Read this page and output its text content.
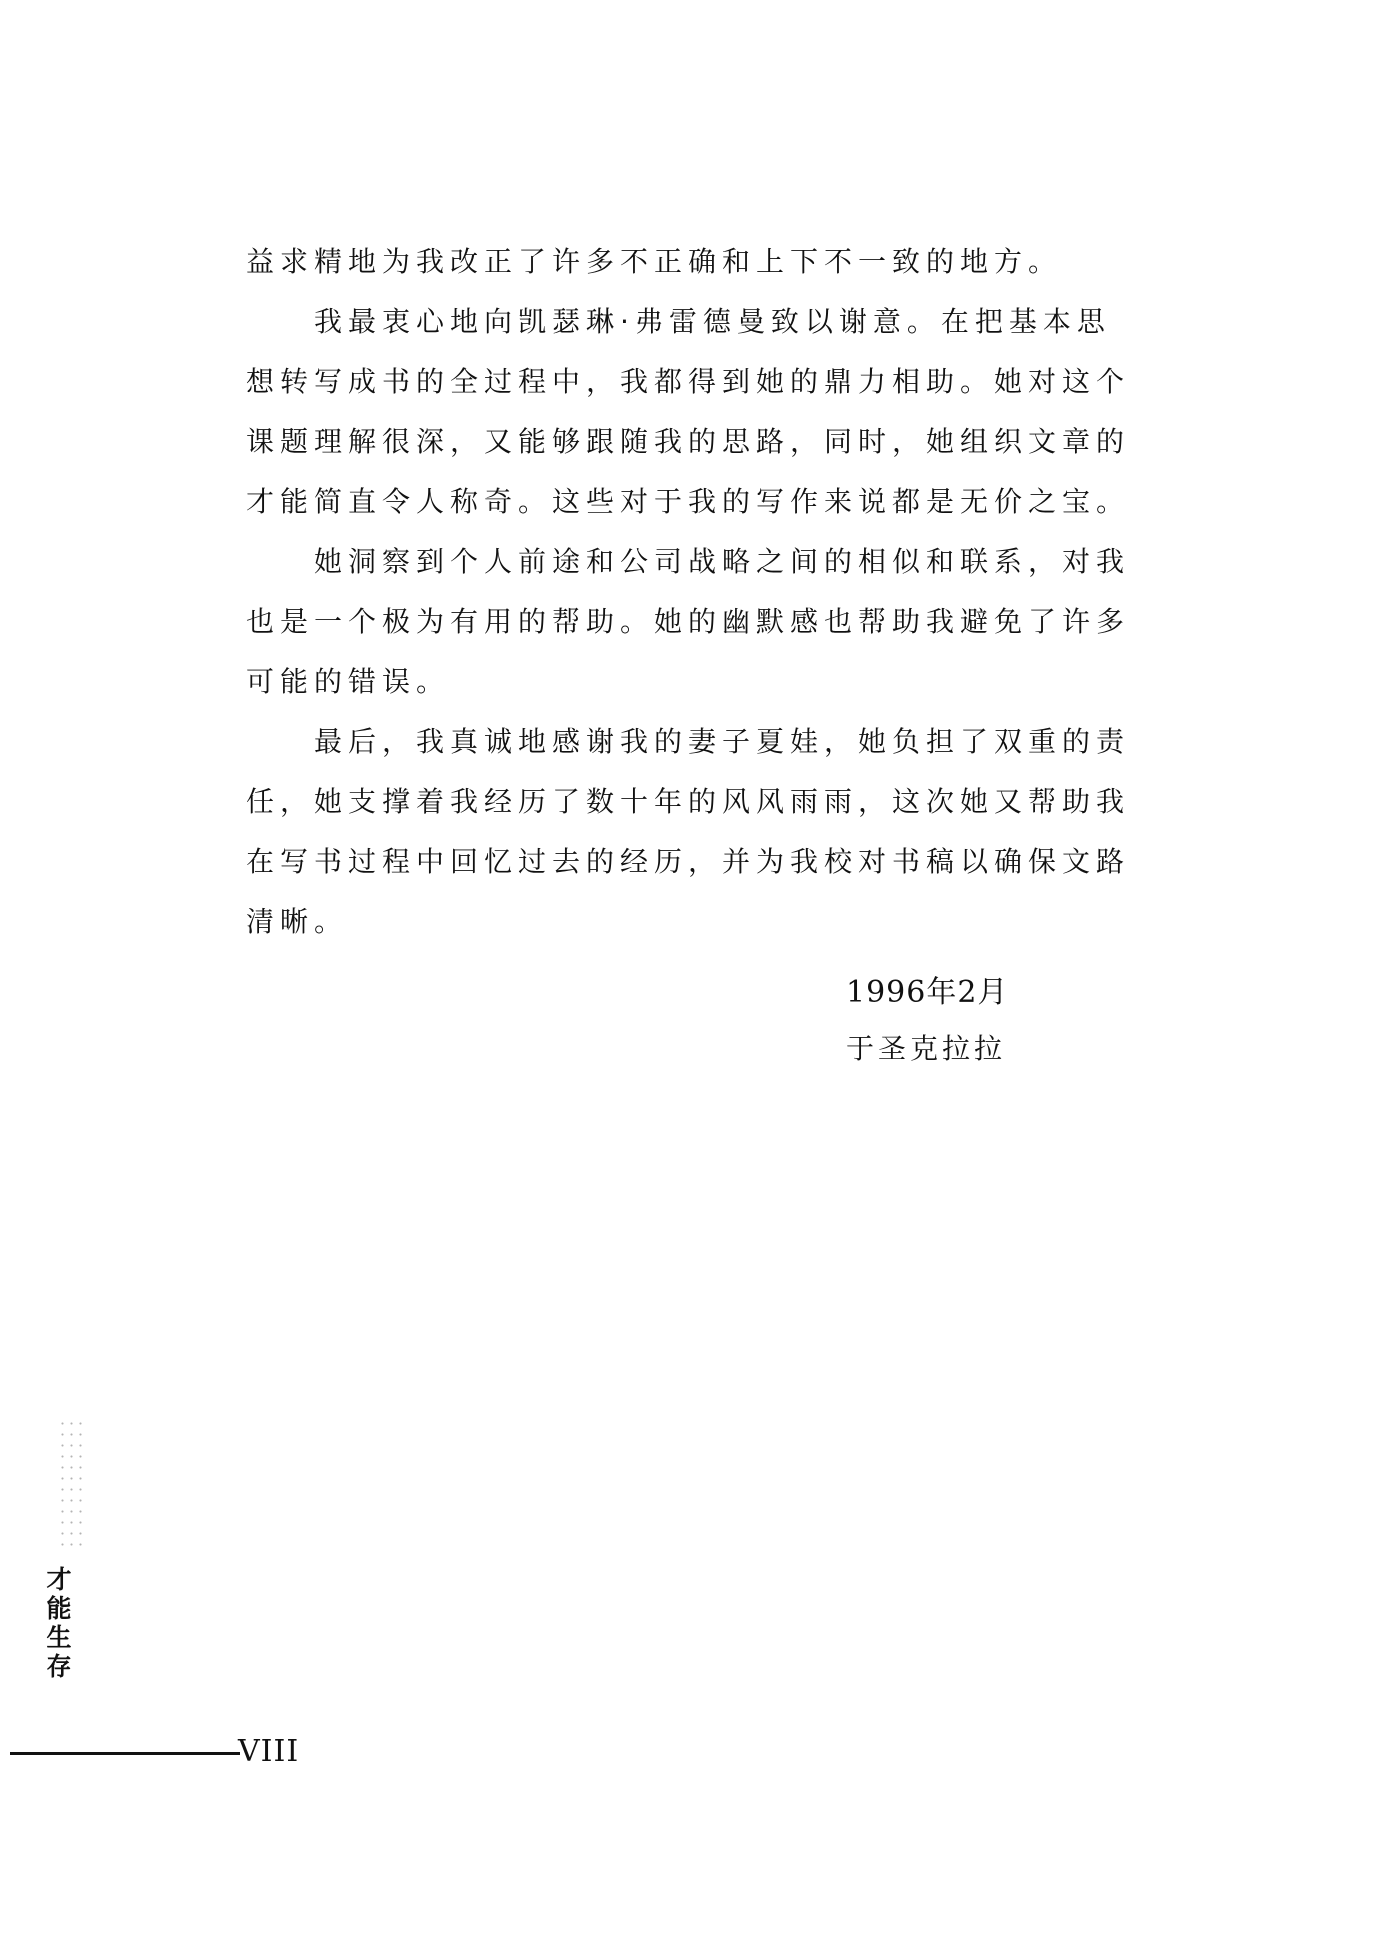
益求精地为我改正了许多不正确和上下不一致的地方。
我最衷心地向凯瑟琳·弗雷德曼致以谢意。在把基本思
想转写成书的全过程中，我都得到她的鼎力相助。她对这个
课题理解很深，又能够跟随我的思路，同时，她组织文章的
才能简直令人称奇。这些对于我的写作来说都是无价之宝。
她洞察到个人前途和公司战略之间的相似和联系，对我
也是一个极为有用的帮助。她的幽默感也帮助我避免了许多
可能的错误。
最后，我真诚地感谢我的妻子夏娃，她负担了双重的责
任，她支撑着我经历了数十年的风风雨雨，这次她又帮助我
在写书过程中回忆过去的经历，并为我校对书稿以确保文路
清晰。
1996年2月
于圣克拉拉
才
能
生
存
VIII
